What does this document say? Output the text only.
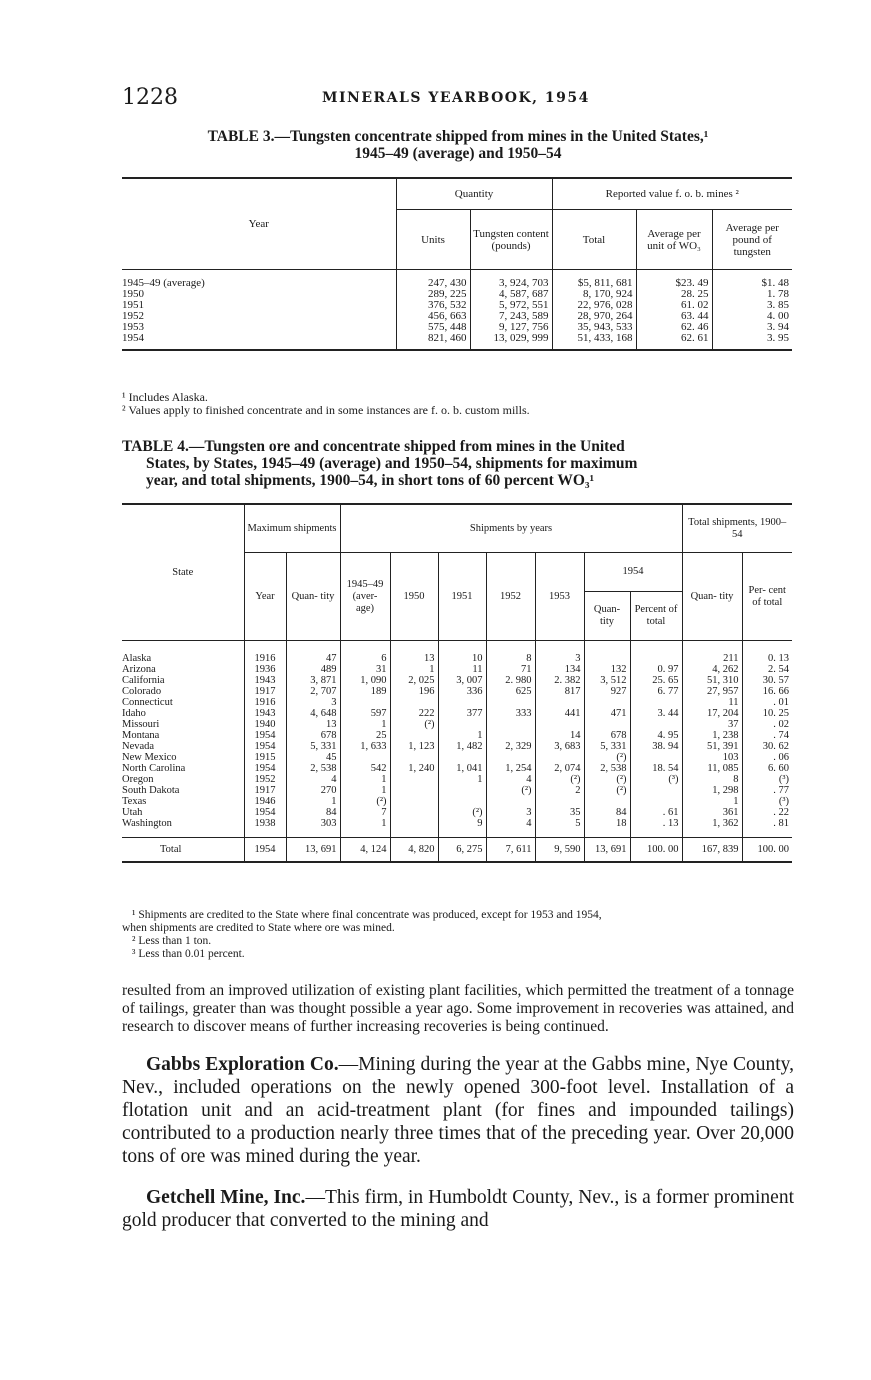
1228	MINERALS YEARBOOK, 1954
TABLE 3.—Tungsten concentrate shipped from mines in the United States,¹
1945–49 (average) and 1950–54
Year	Quantity		Reported value f. o. b. mines ²		
	Units	Tungsten content (pounds)	Total	Average per unit of WO₃	Average per pound of tungsten
1945–49 (average)	247, 430	3, 924, 703	$5, 811, 681	$23. 49	$1. 48
1950	289, 225	4, 587, 687	8, 170, 924	28. 25	1. 78
1951	376, 532	5, 972, 551	22, 976, 028	61. 02	3. 85
1952	456, 663	7, 243, 589	28, 970, 264	63. 44	4. 00
1953	575, 448	9, 127, 756	35, 943, 533	62. 46	3. 94
1954	821, 460	13, 029, 999	51, 433, 168	62. 61	3. 95
¹ Includes Alaska.
² Values apply to finished concentrate and in some instances are f. o. b. custom mills.
TABLE 4.—Tungsten ore and concentrate shipped from mines in the United
States, by States, 1945–49 (average) and 1950–54, shipments for maximum
year, and total shipments, 1900–54, in short tons of 60 percent WO₃¹
State	Maximum shipments		Shipments by years							Total shipments, 1900–54	
	Year	Quan- tity	1945–49 (aver- age)	1950	1951	1952	1953	1954		Quan- tity	Per- cent of total
								Quan- tity	Percent of total		
Alaska	1916	47	6	13	10	8	3			211	0. 13
Arizona	1936	489	31	1	11	71	134	132	0. 97	4, 262	2. 54
California	1943	3, 871	1, 090	2, 025	3, 007	2. 980	2. 382	3, 512	25. 65	51, 310	30. 57
Colorado	1917	2, 707	189	196	336	625	817	927	6. 77	27, 957	16. 66
Connecticut	1916	3								11	. 01
Idaho	1943	4, 648	597	222	377	333	441	471	3. 44	17, 204	10. 25
Missouri	1940	13	1	(²)						37	. 02
Montana	1954	678	25		1		14	678	4. 95	1, 238	. 74
Nevada	1954	5, 331	1, 633	1, 123	1, 482	2, 329	3, 683	5, 331	38. 94	51, 391	30. 62
New Mexico	1915	45						(²)		103	. 06
North Carolina	1954	2, 538	542	1, 240	1, 041	1, 254	2, 074	2, 538	18. 54	11, 085	6. 60
Oregon	1952	4	1		1	4	(²)	(²)	(³)	8	(³)
South Dakota	1917	270	1			(²)	2	(²)		1, 298	. 77
Texas	1946	1	(²)							1	(³)
Utah	1954	84	7		(²)	3	35	84	. 61	361	. 22
Washington	1938	303	1		9	4	5	18	. 13	1, 362	. 81
Total	1954	13, 691	4, 124	4, 820	6, 275	7, 611	9, 590	13, 691	100. 00	167, 839	100. 00
¹ Shipments are credited to the State where final concentrate was produced, except for 1953 and 1954,
when shipments are credited to State where ore was mined.
² Less than 1 ton.
³ Less than 0.01 percent.
resulted from an improved utilization of existing plant facilities, which permitted the treatment of a tonnage of tailings, greater than was thought possible a year ago. Some improvement in recoveries was attained, and research to discover means of further increasing recoveries is being continued.
Gabbs Exploration Co.—Mining during the year at the Gabbs mine, Nye County, Nev., included operations on the newly opened 300-foot level. Installation of a flotation unit and an acid-treatment plant (for fines and impounded tailings) contributed to a production nearly three times that of the preceding year. Over 20,000 tons of ore was mined during the year.
Getchell Mine, Inc.—This firm, in Humboldt County, Nev., is a former prominent gold producer that converted to the mining and
